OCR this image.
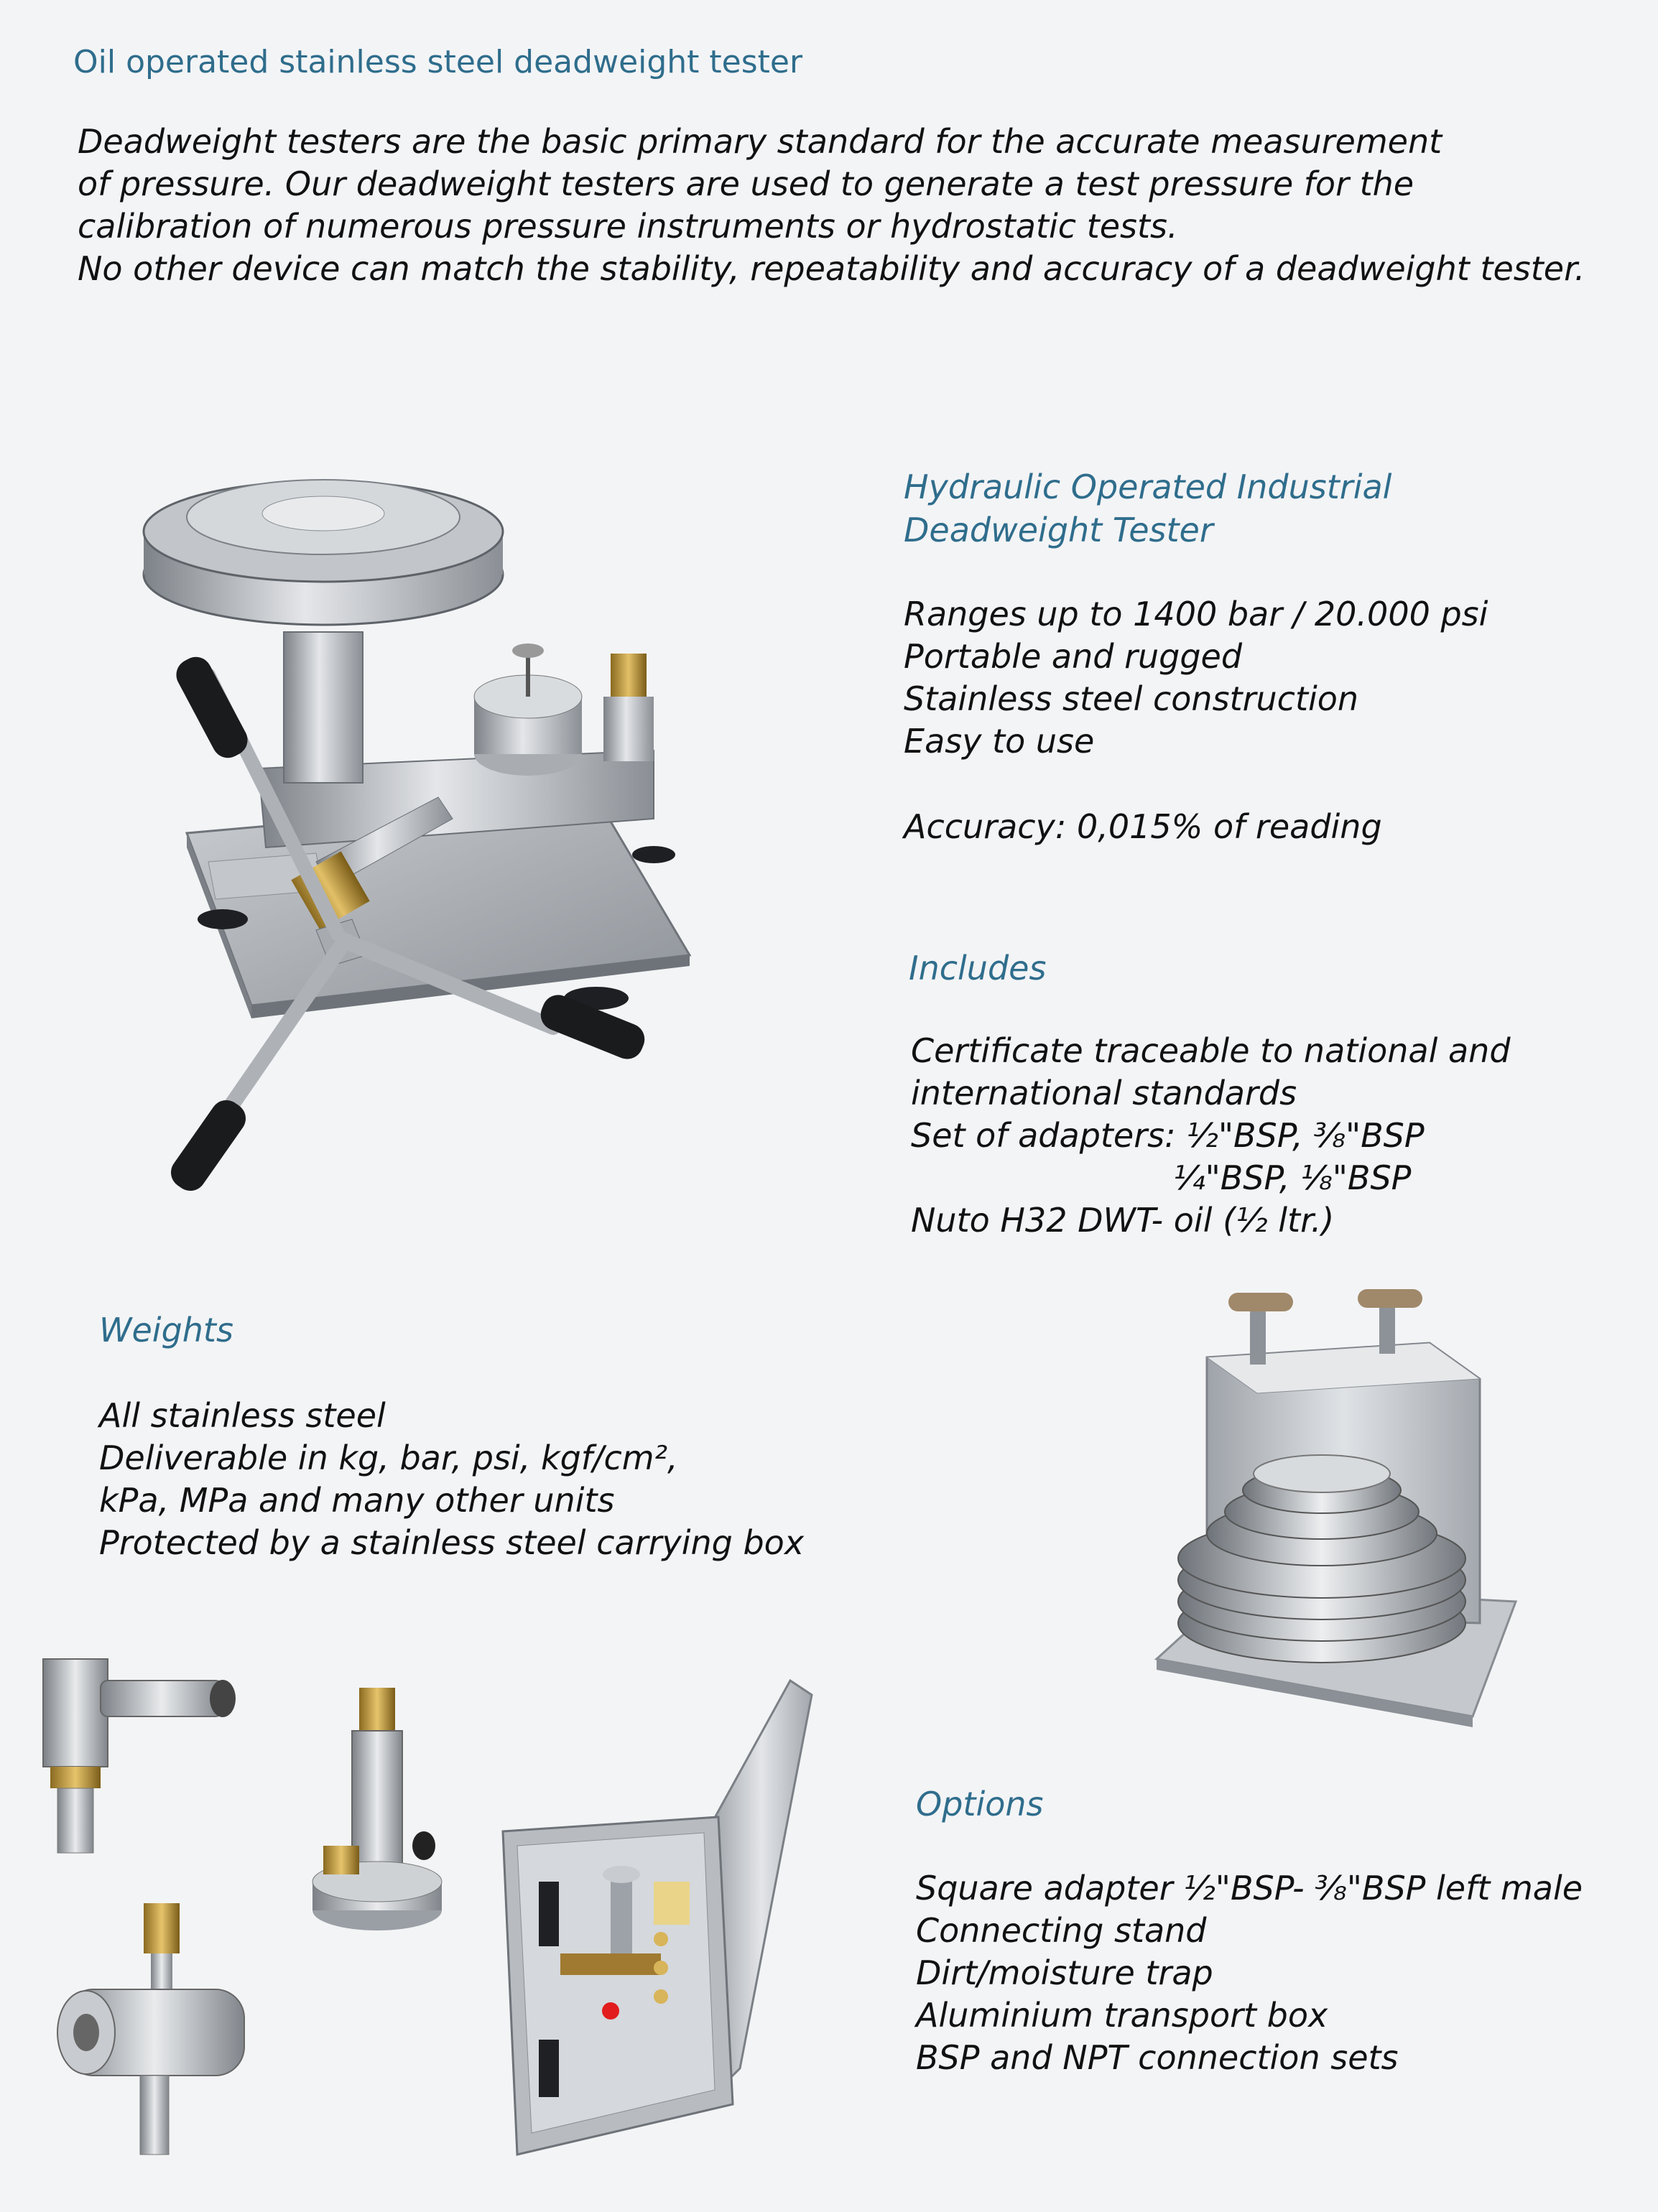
Oil operated stainless steel deadweight tester
Deadweight testers are the basic primary standard for the accurate measurement
of pressure. Our deadweight testers are used to generate a test pressure for the
calibration of numerous pressure instruments or hydrostatic tests.
No other device can match the stability, repeatability and accuracy of a deadweight tester.
Hydraulic Operated Industrial
Deadweight Tester
Ranges up to 1400 bar / 20.000 psi
Portable and rugged
Stainless steel construction
Easy to use
Accuracy: 0,015% of reading
Includes
Certificate traceable to national and
international standards
Set of adapters: ½"BSP, ⅜"BSP
¼"BSP, ⅛"BSP
Nuto H32 DWT- oil (½ ltr.)
Weights
All stainless steel
Deliverable in kg, bar, psi, kgf/cm²,
kPa, MPa and many other units
Protected by a stainless steel carrying box
Options
Square adapter ½"BSP- ⅜"BSP left male
Connecting stand
Dirt/moisture trap
Aluminium transport box
BSP and NPT connection sets
